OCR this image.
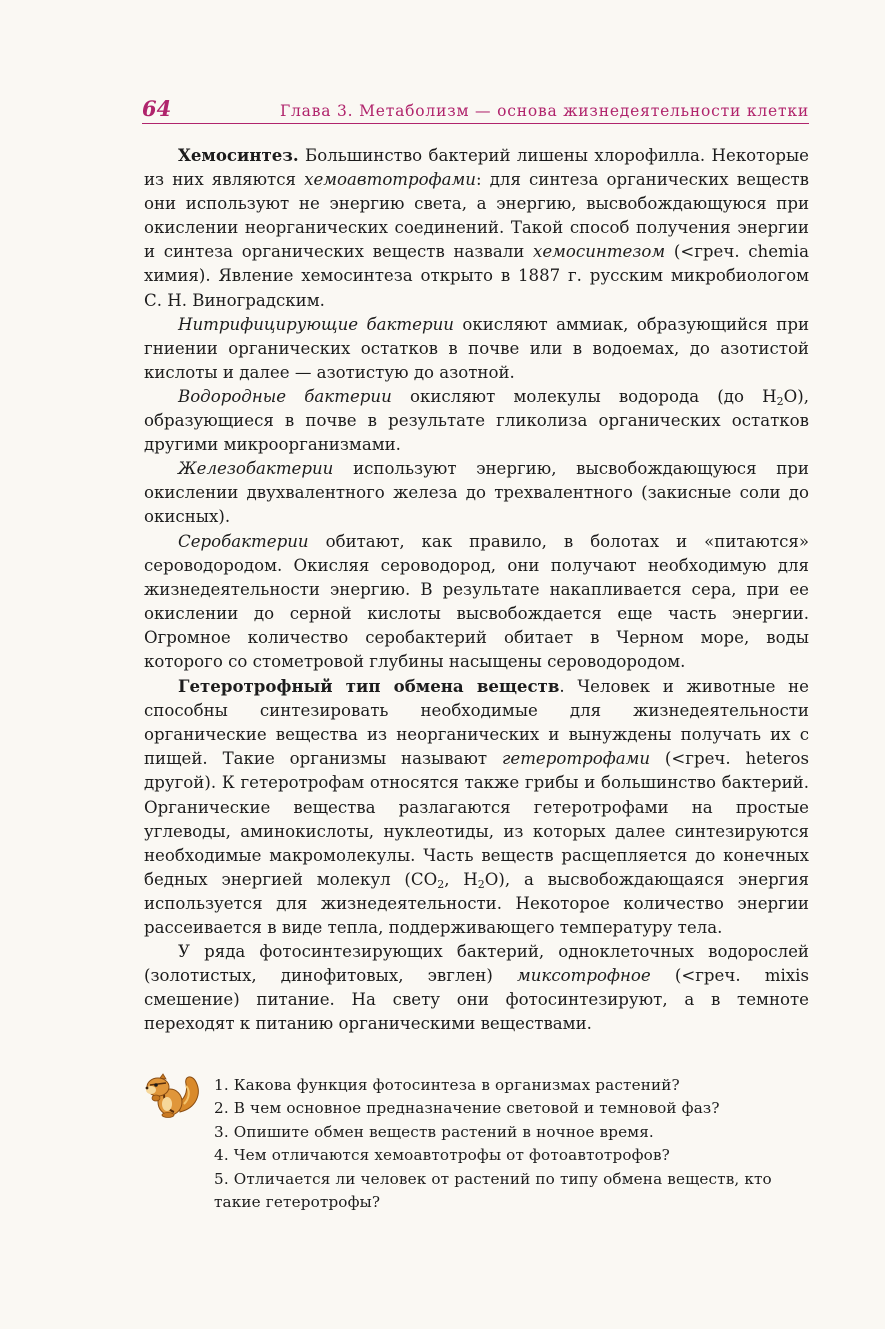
64	Глава 3. Метаболизм — основа жизнедеятельности клетки

Хемосинтез. Большинство бактерий лишены хлорофилла. Некоторые из них являются хемоавтотрофами: для синтеза органических веществ они используют не энергию света, а энергию, высвобождающуюся при окислении неорганических соединений. Такой способ получения энергии и синтеза органических веществ назвали хемосинтезом (<греч. chemia химия). Явление хемосинтеза открыто в 1887 г. русским микробиологом С. Н. Виноградским.

Нитрифицирующие бактерии окисляют аммиак, образующийся при гниении органических остатков в почве или в водоемах, до азотистой кислоты и далее — азотистую до азотной.

Водородные бактерии окисляют молекулы водорода (до $H_2O$), образующиеся в почве в результате гликолиза органических остатков другими микроорганизмами.

Железобактерии используют энергию, высвобождающуюся при окислении двухвалентного железа до трехвалентного (закисные соли до окисных).

Серобактерии обитают, как правило, в болотах и «питаются» сероводородом. Окисляя сероводород, они получают необходимую для жизнедеятельности энергию. В результате накапливается сера, при ее окислении до серной кислоты высвобождается еще часть энергии. Огромное количество серобактерий обитает в Черном море, воды которого со стометровой глубины насыщены сероводородом.

Гетеротрофный тип обмена веществ. Человек и животные не способны синтезировать необходимые для жизнедеятельности органические вещества из неорганических и вынуждены получать их с пищей. Такие организмы называют гетеротрофами (<греч. heteros другой). К гетеротрофам относятся также грибы и большинство бактерий. Органические вещества разлагаются гетеротрофами на простые углеводы, аминокислоты, нуклеотиды, из которых далее синтезируются необходимые макромолекулы. Часть веществ расщепляется до конечных бедных энергией молекул ($CO_2$, $H_2O$), а высвобождающаяся энергия используется для жизнедеятельности. Некоторое количество энергии рассеивается в виде тепла, поддерживающего температуру тела.

У ряда фотосинтезирующих бактерий, одноклеточных водорослей (золотистых, динофитовых, эвглен) миксотрофное (<греч. mixis смешение) питание. На свету они фотосинтезируют, а в темноте переходят к питанию органическими веществами.

1. Какова функция фотосинтеза в организмах растений?
2. В чем основное предназначение световой и темновой фаз?
3. Опишите обмен веществ растений в ночное время.
4. Чем отличаются хемоавтотрофы от фотоавтотрофов?
5. Отличается ли человек от растений по типу обмена веществ, кто такие гетеротрофы?
